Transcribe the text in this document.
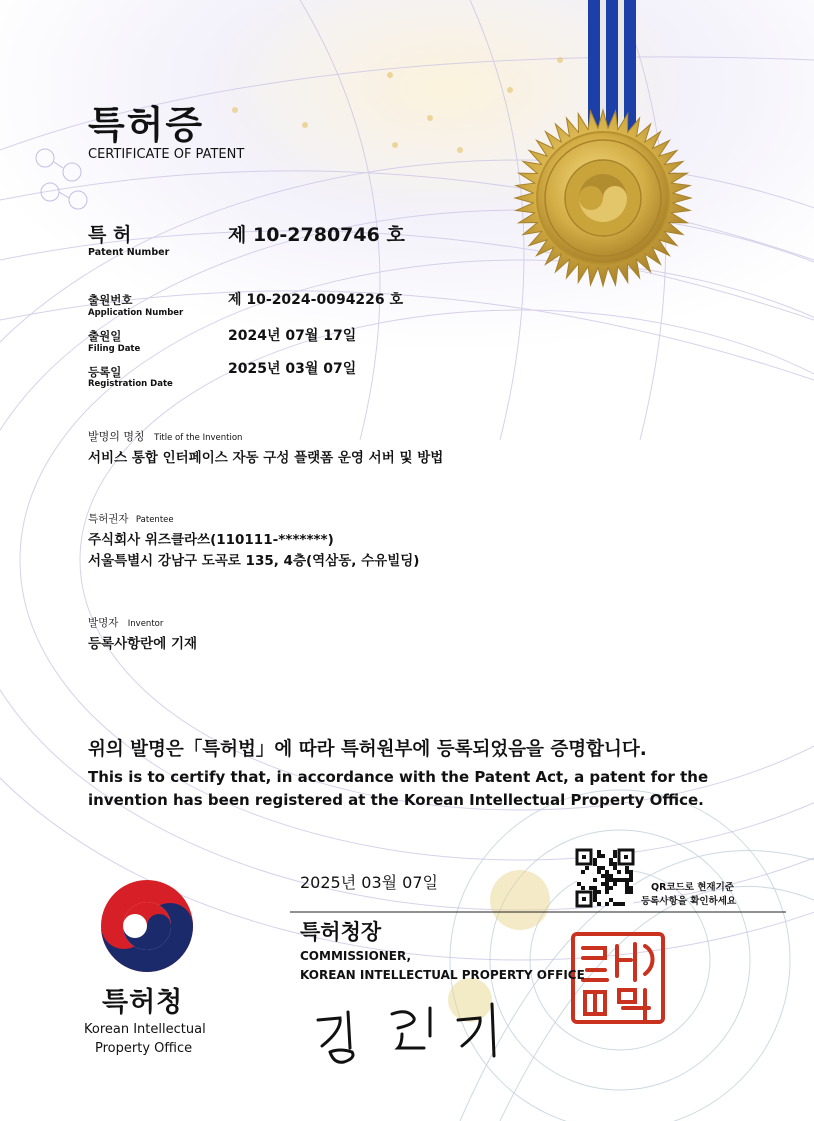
특허증
CERTIFICATE OF PATENT
특 허
Patent Number
제 10-2780746 호
출원번호
Application Number
제 10-2024-0094226 호
출원일
Filing Date
2024년 07월 17일
등록일
Registration Date
2025년 03월 07일
발명의 명칭 Title of the Invention
서비스 통합 인터페이스 자동 구성 플랫폼 운영 서버 및 방법
특허권자 Patentee
주식회사 위즈클라쓰(110111-*******)
서울특별시 강남구 도곡로 135, 4층(역삼동, 수유빌딩)
발명자 Inventor
등록사항란에 기재
위의 발명은「특허법」에 따라 특허원부에 등록되었음을 증명합니다.
This is to certify that, in accordance with the Patent Act, a patent for the
invention has been registered at the Korean Intellectual Property Office.
2025년 03월 07일	QR코드로 현재기준
등록사항을 확인하세요
특허청장
COMMISSIONER,
KOREAN INTELLECTUAL PROPERTY OFFICE
특허청
Korean Intellectual
Property Office
